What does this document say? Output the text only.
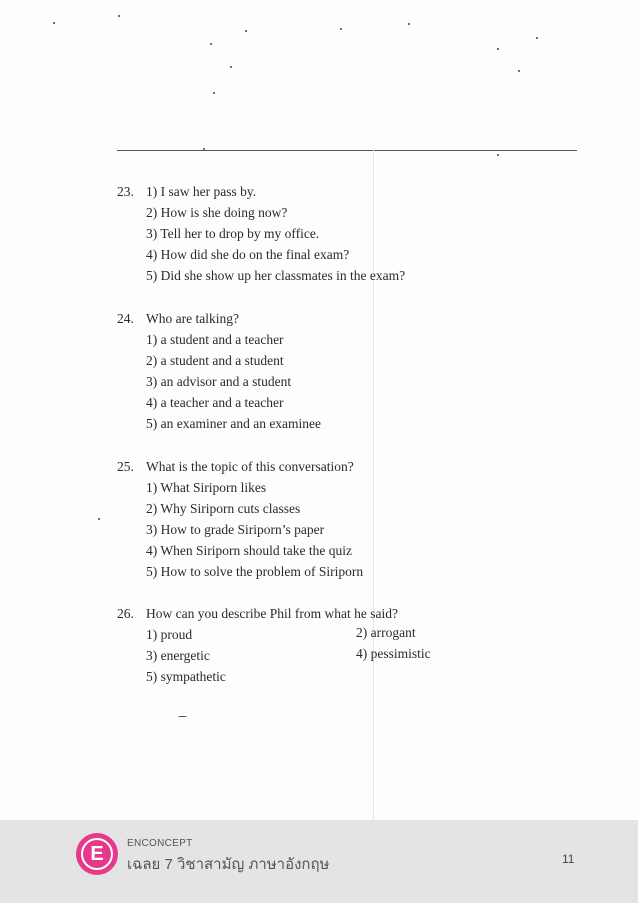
23. 1) I saw her pass by.
2) How is she doing now?
3) Tell her to drop by my office.
4) How did she do on the final exam?
5) Did she show up her classmates in the exam?
24. Who are talking?
1) a student and a teacher
2) a student and a student
3) an advisor and a student
4) a teacher and a teacher
5) an examiner and an examinee
25. What is the topic of this conversation?
1) What Siriporn likes
2) Why Siriporn cuts classes
3) How to grade Siriporn’s paper
4) When Siriporn should take the quiz
5) How to solve the problem of Siriporn
26. How can you describe Phil from what he said?
1) proud	2) arrogant
3) energetic	4) pessimistic
5) sympathetic
E	ENCONCEPT
เฉลย 7 วิชาสามัญ ภาษาอังกฤษ	11
